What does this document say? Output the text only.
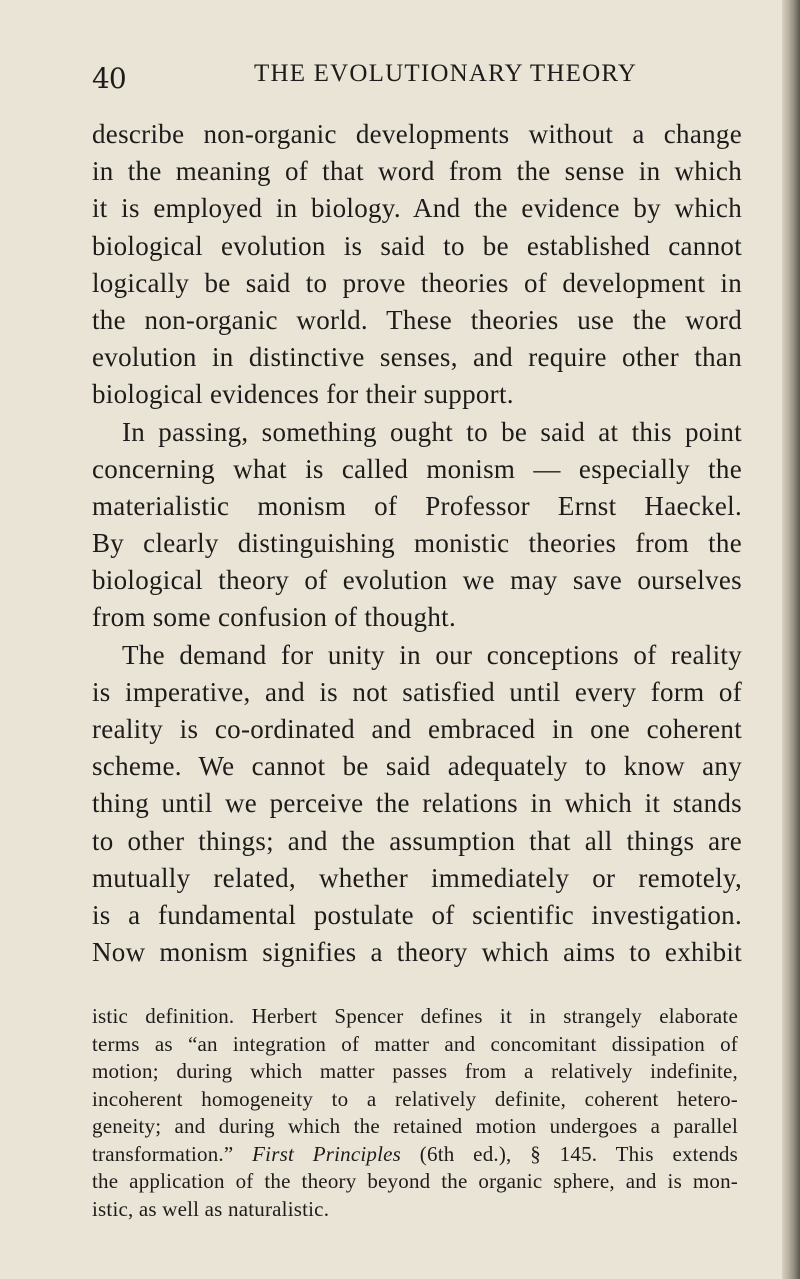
40	THE EVOLUTIONARY THEORY
describe non-organic developments without a change
in the meaning of that word from the sense in which
it is employed in biology. And the evidence by which
biological evolution is said to be established cannot
logically be said to prove theories of development in
the non-organic world. These theories use the word
evolution in distinctive senses, and require other than
biological evidences for their support.
In passing, something ought to be said at this point
concerning what is called monism — especially the
materialistic monism of Professor Ernst Haeckel.
By clearly distinguishing monistic theories from the
biological theory of evolution we may save ourselves
from some confusion of thought.
The demand for unity in our conceptions of reality
is imperative, and is not satisfied until every form of
reality is co-ordinated and embraced in one coherent
scheme. We cannot be said adequately to know any
thing until we perceive the relations in which it stands
to other things; and the assumption that all things are
mutually related, whether immediately or remotely,
is a fundamental postulate of scientific investigation.
Now monism signifies a theory which aims to exhibit
istic definition. Herbert Spencer defines it in strangely elaborate
terms as “an integration of matter and concomitant dissipation of
motion; during which matter passes from a relatively indefinite,
incoherent homogeneity to a relatively definite, coherent hetero-
geneity; and during which the retained motion undergoes a parallel
transformation.” First Principles (6th ed.), § 145. This extends
the application of the theory beyond the organic sphere, and is mon-
istic, as well as naturalistic.
